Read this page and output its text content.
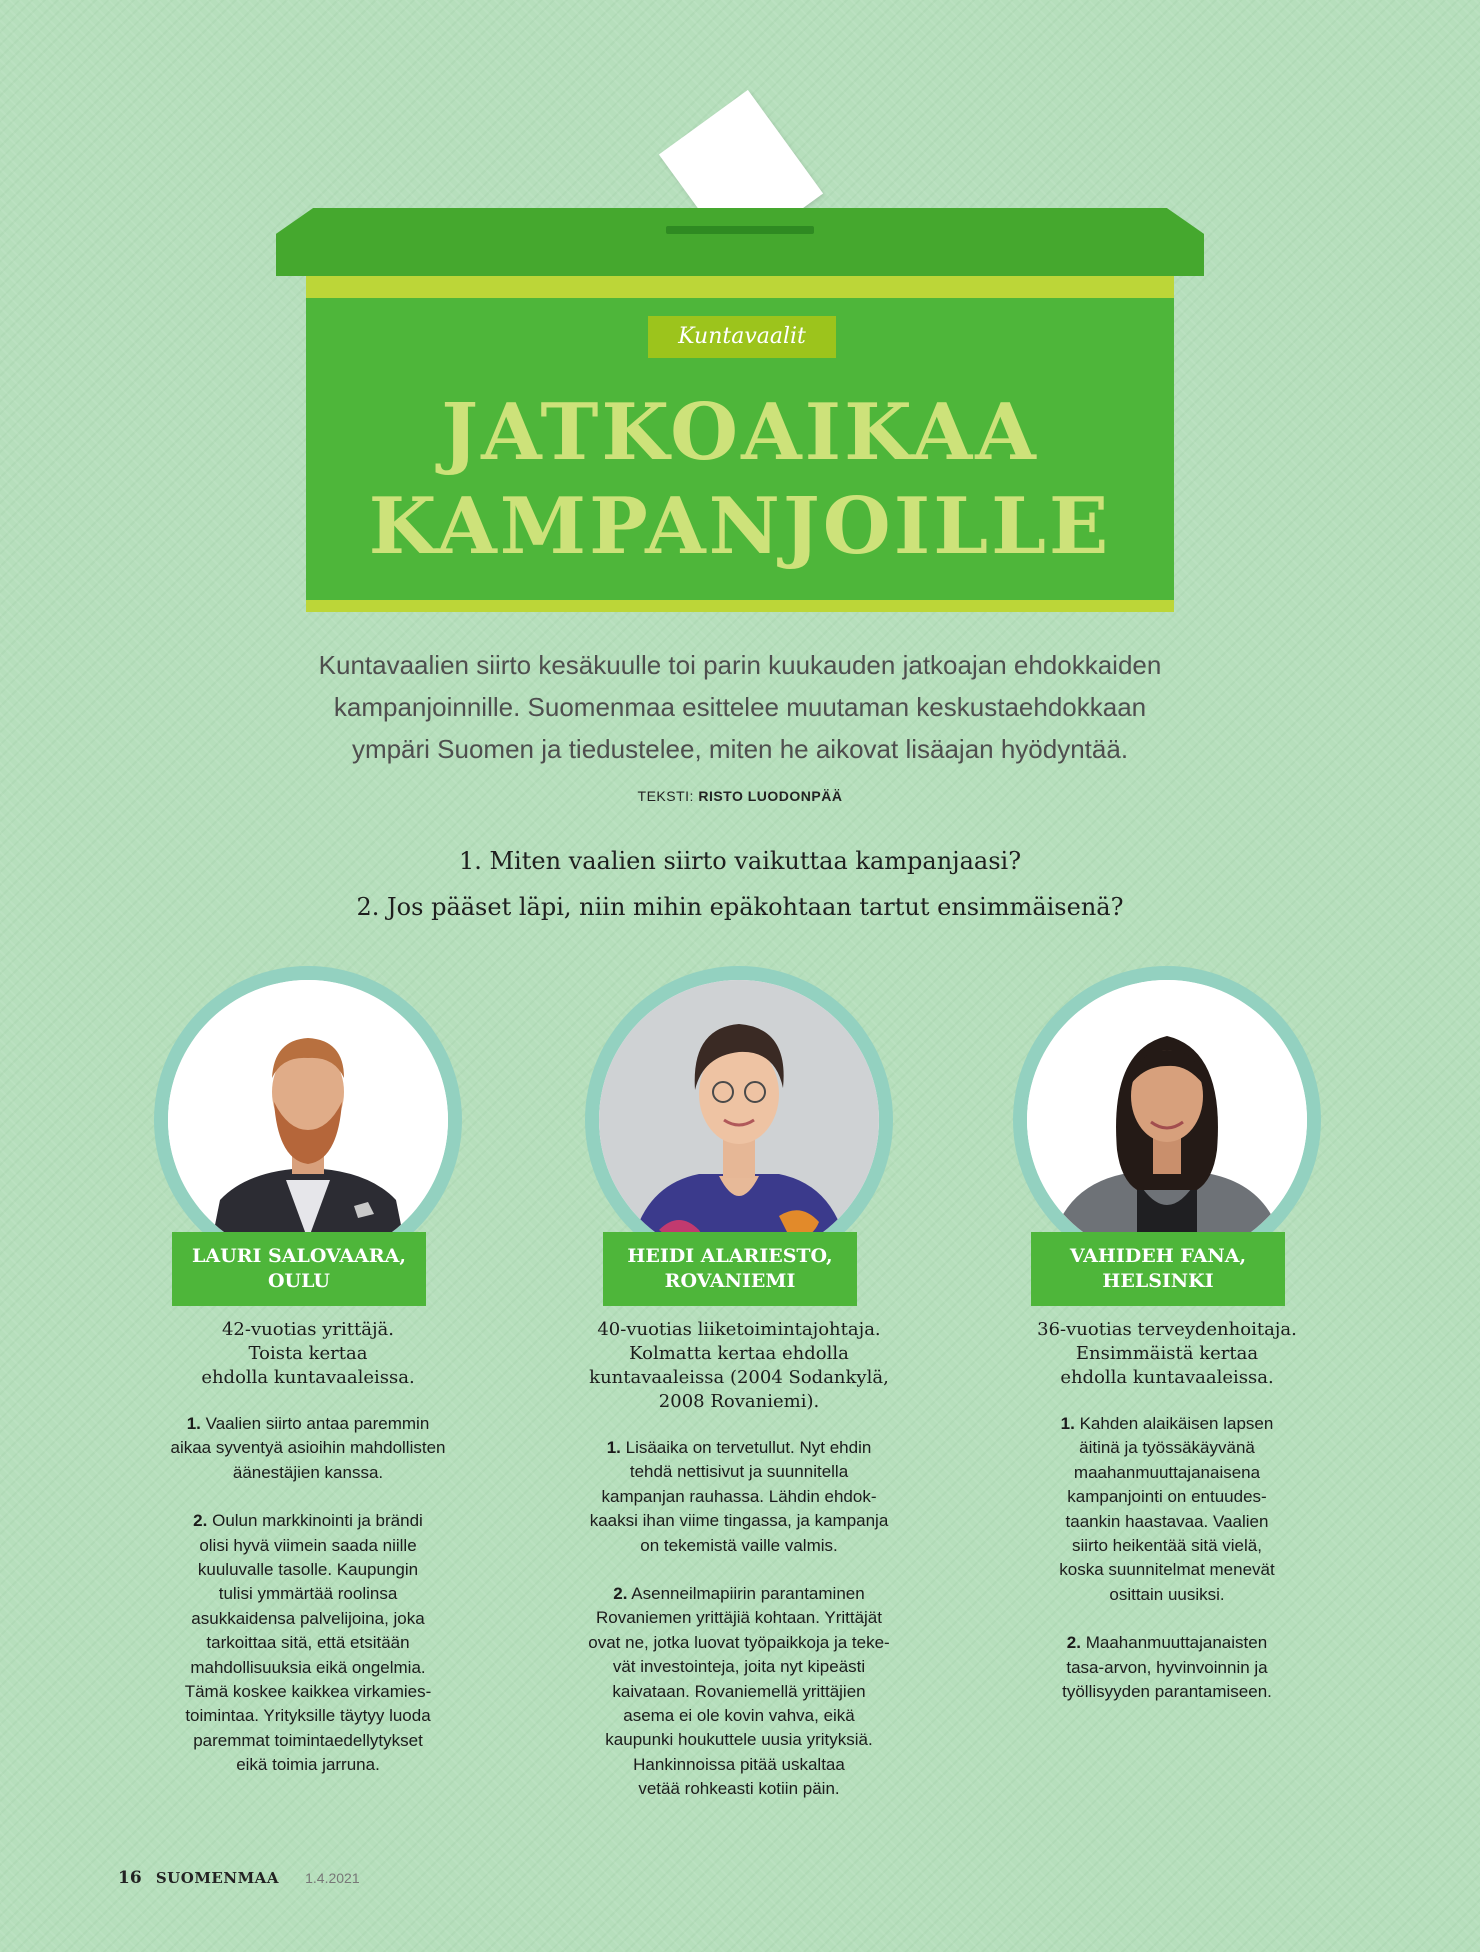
Kuntavaalit
JATKOAIKAA
KAMPANJOILLE

Kuntavaalien siirto kesäkuulle toi parin kuukauden jatkoajan ehdokkaiden
kampanjoinnille. Suomenmaa esittelee muutaman keskustaehdokkaan
ympäri Suomen ja tiedustelee, miten he aikovat lisäajan hyödyntää.

TEKSTI: RISTO LUODONPÄÄ
1. Miten vaalien siirto vaikuttaa kampanjaasi?
2. Jos pääset läpi, niin mihin epäkohtaan tartut ensimmäisenä?
LAURI SALOVAARA,
OULU
42-vuotias yrittäjä.
Toista kertaa
ehdolla kuntavaaleissa.
1. Vaalien siirto antaa paremmin
aikaa syventyä asioihin mahdollisten
äänestäjien kanssa.
2. Oulun markkinointi ja brändi
olisi hyvä viimein saada niille
kuuluvalle tasolle. Kaupungin
tulisi ymmärtää roolinsa
asukkaidensa palvelijoina, joka
tarkoittaa sitä, että etsitään
mahdollisuuksia eikä ongelmia.
Tämä koskee kaikkea virkamies-
toimintaa. Yrityksille täytyy luoda
paremmat toimintaedellytykset
eikä toimia jarruna.
HEIDI ALARIESTO,
ROVANIEMI
40-vuotias liiketoimintajohtaja.
Kolmatta kertaa ehdolla
kuntavaaleissa (2004 Sodankylä,
2008 Rovaniemi).
1. Lisäaika on tervetullut. Nyt ehdin
tehdä nettisivut ja suunnitella
kampanjan rauhassa. Lähdin ehdok-
kaaksi ihan viime tingassa, ja kampanja
on tekemistä vaille valmis.
2. Asenneilmapiirin parantaminen
Rovaniemen yrittäjiä kohtaan. Yrittäjät
ovat ne, jotka luovat työpaikkoja ja teke-
vät investointeja, joita nyt kipeästi
kaivataan. Rovaniemellä yrittäjien
asema ei ole kovin vahva, eikä
kaupunki houkuttele uusia yrityksiä.
Hankinnoissa pitää uskaltaa
vetää rohkeasti kotiin päin.
VAHIDEH FANA,
HELSINKI
36-vuotias terveydenhoitaja.
Ensimmäistä kertaa
ehdolla kuntavaaleissa.
1. Kahden alaikäisen lapsen
äitinä ja työssäkäyvänä
maahanmuuttajanaisena
kampanjointi on entuudes-
taankin haastavaa. Vaalien
siirto heikentää sitä vielä,
koska suunnitelmat menevät
osittain uusiksi.
2. Maahanmuuttajanaisten
tasa-arvon, hyvinvoinnin ja
työllisyyden parantamiseen.
16 SUOMENMAA 1.4.2021
